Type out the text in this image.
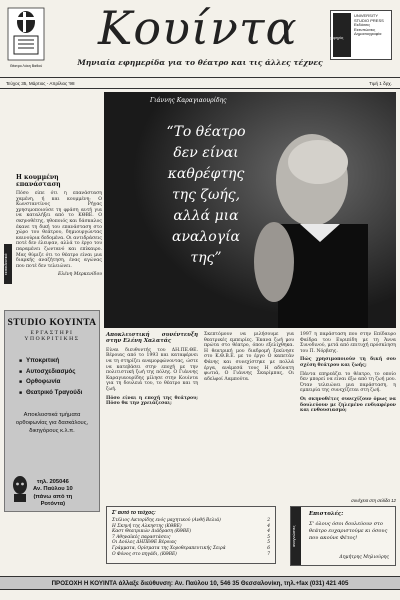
Θέατρο Λόκη Βαθού
Κουίντα
Μηνιαία εφημερίδα για το θέατρο και τις άλλες τέχνες
UNIVERSITY
STUDIO PRESS
Εκδόσεις
Εκτυπώσεις
Δημοσιογραφία
χορηγός
Τεύχος 35, Μάρτιος - Απρίλιος '98	Τιμή 1 δρχ.
εκπαιδευτικά
Η κουμμένη επανάσταση
Πόσο είπε ότι η επανάσταση χαμένη, ή και κουμμένη; Ο Κωνσταντίνος Ρήγας χρησιμοποιούσε τη φράση αυτή για να καταλήξει από το ΚΘΒΕ. Ο σκηνοθέτης, ηθοποιός και δάσκαλος έκανε τη δική του επανάσταση στο χώρο του θεάτρου, δημιουργώντας καινούρια δεδομένα. Οι αντιδράσεις ποτέ δεν έλειψαν, αλλά το έργο του παραμένει ζωντανό και επίκαιρο. Μας θύμιζε ότι το θέατρο είναι μια διαρκής αναζήτηση, ένας αγώνας που ποτέ δεν τελειώνει.
Ελένη Μερκενίδου
STUDIO ΚΟΥΙΝΤΑ
ΕΡΓΑΣΤΗΡΙ ΥΠΟΚΡΙΤΙΚΗΣ
■ Υποκριτική
■ Αυτοσχεδιασμός
■ Ορθοφωνία
■ Θεατρικό Τραγούδι
Αποκλειστικά τμήματα ορθοφωνίας για δασκάλους, δικηγόρους κ.λ.π.
τηλ. 205046
Αν. Παύλου 10
(πάνω από τη
Ροτόντα)
Γιάννης Καραγιαουρίδης
“Το θέατρο δεν είναι καθρέφτης της ζωής, αλλά μια αναλογία της”
Αποκλειστική συνέντευξη στην Ελένη Χαλατάς

Είναι διευθυντής του ΔΗ.ΠΕ.ΘΕ. Βέροιας από το 1993 και καταφέρνει να τη στηρίζει αναμορφώνοντας, ώστε να κατεβάσει στην εποχή με την πολιτιστική ζωή της πόλης. Ο Γιάννης Καραγιαουρίδης μίλησε στην Κουίντα για τη δουλειά του, το θέατρο και τη ζωή.

Πόσο είναι η εποχή της θεάτρου; Πόσο θα την χρειάζεσαι;

Σκεπτόμουν να μιλήσουμε για θεατρικές εμπειρίες. Έκανα ζωή μου πρώτα στο θέατρο, όπου εξελίχθηκα. Η θεατρική μου διαδρομή ξεκίνησε στο Κ.Θ.Β.Ε. με το έργο Ο καπετάν Φάνης και συνεχίστηκε με πολλά έργα, ανάμεσά τους Η αδύνατη φωτιά, Ο Γιάννης Σκαρίμπας, Οι αδελφοί Λαμπούτα.

1997 η παράσταση που στην Επίδαυρο Φαίδρα του Ευριπίδη με τη Άννα Συνοδινού, μετά από επιτυχή πρόσκληση του Π. Νόρβεης.

Πώς χρησιμοποιούν τη δική σου σχέση θεάτρου και ζωής;

Πάντα επηρεάζει το θέατρο, το οποίο δεν μπορεί να είναι έξω από τη ζωή μου. Όταν τελειώνει μια παράσταση, η εμπειρία της συνεχίζεται στη ζωή.

Οι σκηνοθέτες συνεχίζουν όμως να δουλεύουν με ζηλεμένο ενδιαφέρον και ενθουσιασμό;

συνέχεια στη σελίδα 12
Σ' αυτό το τεύχος:
Στέλιος Ακτορίδης ενός μαχητικού (Ανθή Βελιά)	2
Η Σκηνή της Αλκηστης (ΚΘΒΕ)	4
Καστ Θεατρικών Διάδραση (ΚΘΒΕ)	4
7 Αθηναϊκές παραστάσεις	5
Οι Δούλες ΔΗΠΕΘΕ Βέροιας	5
Γράμματα, Ορίσματα της Χοροθεραπευτικής Σειρά	6
Ο Φόνος στο πηγάδι, (ΚΘΒΕ)	7
αναγνώστες
Επιστολές:
Σ' όλους όσοι δουλεύουν στο θεάτρο ευχαριστούμε κι όσους που ακούνε Φέτος!
Δημήτρης Μηλιούρης
ΠΡΟΣΟΧΗ Η ΚΟΥΙΝΤΑ άλλαξε διεύθυνση: Αν. Παύλου 10, 546 35 Θεσσαλονίκη, τηλ.+fax (031) 421 405
